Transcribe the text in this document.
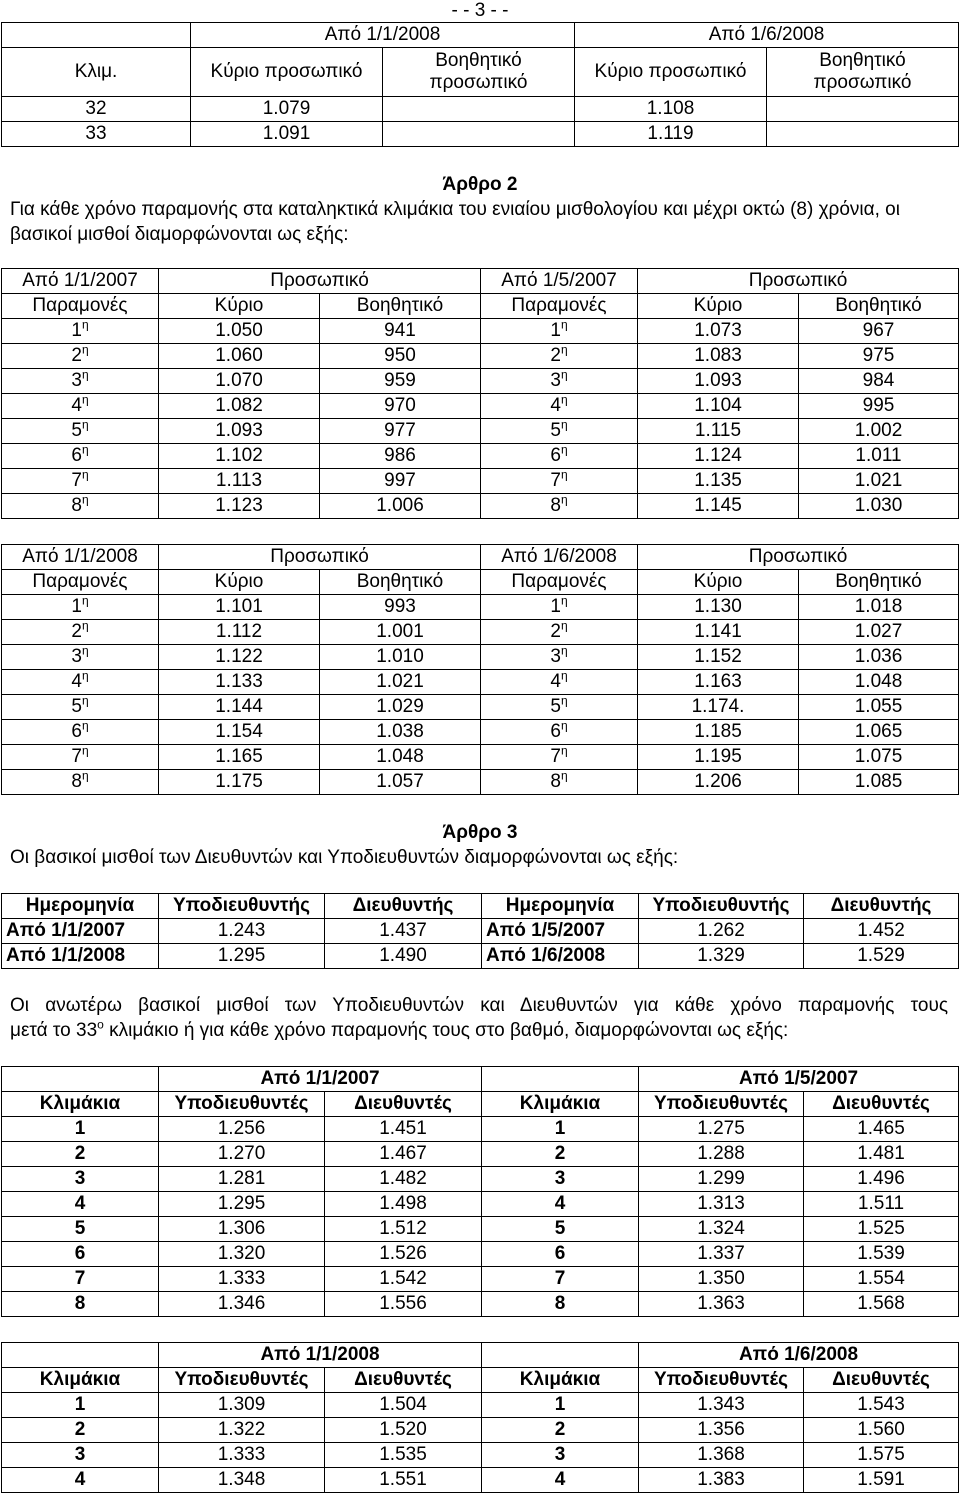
- - 3 - -
	Από 1/1/2008		Από 1/6/2008	
Κλιμ.	Κύριο προσωπικό	Βοηθητικό προσωπικό	Κύριο προσωπικό	Βοηθητικό προσωπικό
32	1.079		1.108	
33	1.091		1.119	
Άρθρο 2
Για κάθε χρόνο παραμονής στα καταληκτικά κλιμάκια του ενιαίου μισθολογίου και μέχρι οκτώ (8) χρόνια, οι βασικοί μισθοί διαμορφώνονται ως εξής:
Από 1/1/2007	Προσωπικό		Από 1/5/2007	Προσωπικό	
Παραμονές	Κύριο	Βοηθητικό	Παραμονές	Κύριο	Βοηθητικό
$1^\eta$	1.050	941	$1^\eta$	1.073	967
$2^\eta$	1.060	950	$2^\eta$	1.083	975
$3^\eta$	1.070	959	$3^\eta$	1.093	984
$4^\eta$	1.082	970	$4^\eta$	1.104	995
$5^\eta$	1.093	977	$5^\eta$	1.115	1.002
$6^\eta$	1.102	986	$6^\eta$	1.124	1.011
$7^\eta$	1.113	997	$7^\eta$	1.135	1.021
$8^\eta$	1.123	1.006	$8^\eta$	1.145	1.030
Από 1/1/2008	Προσωπικό		Από 1/6/2008	Προσωπικό	
Παραμονές	Κύριο	Βοηθητικό	Παραμονές	Κύριο	Βοηθητικό
$1^\eta$	1.101	993	$1^\eta$	1.130	1.018
$2^\eta$	1.112	1.001	$2^\eta$	1.141	1.027
$3^\eta$	1.122	1.010	$3^\eta$	1.152	1.036
$4^\eta$	1.133	1.021	$4^\eta$	1.163	1.048
$5^\eta$	1.144	1.029	$5^\eta$	1.174.	1.055
$6^\eta$	1.154	1.038	$6^\eta$	1.185	1.065
$7^\eta$	1.165	1.048	$7^\eta$	1.195	1.075
$8^\eta$	1.175	1.057	$8^\eta$	1.206	1.085
Άρθρο 3
Οι βασικοί μισθοί των Διευθυντών και Υποδιευθυντών διαμορφώνονται ως εξής:
Ημερομηνία	Υποδιευθυντής	Διευθυντής	Ημερομηνία	Υποδιευθυντής	Διευθυντής
Από 1/1/2007	1.243	1.437	Από 1/5/2007	1.262	1.452
Από 1/1/2008	1.295	1.490	Από 1/6/2008	1.329	1.529
Οι ανωτέρω βασικοί μισθοί των Υποδιευθυντών και Διευθυντών για κάθε χρόνο παραμονής τους
μετά το $33^o$ κλιμάκιο ή για κάθε χρόνο παραμονής τους στο βαθμό, διαμορφώνονται ως εξής:
	Από 1/1/2007			Από 1/5/2007	
Κλιμάκια	Υποδιευθυντές	Διευθυντές	Κλιμάκια	Υποδιευθυντές	Διευθυντές
1	1.256	1.451	1	1.275	1.465
2	1.270	1.467	2	1.288	1.481
3	1.281	1.482	3	1.299	1.496
4	1.295	1.498	4	1.313	1.511
5	1.306	1.512	5	1.324	1.525
6	1.320	1.526	6	1.337	1.539
7	1.333	1.542	7	1.350	1.554
8	1.346	1.556	8	1.363	1.568
	Από 1/1/2008			Από 1/6/2008	
Κλιμάκια	Υποδιευθυντές	Διευθυντές	Κλιμάκια	Υποδιευθυντές	Διευθυντές
1	1.309	1.504	1	1.343	1.543
2	1.322	1.520	2	1.356	1.560
3	1.333	1.535	3	1.368	1.575
4	1.348	1.551	4	1.383	1.591
